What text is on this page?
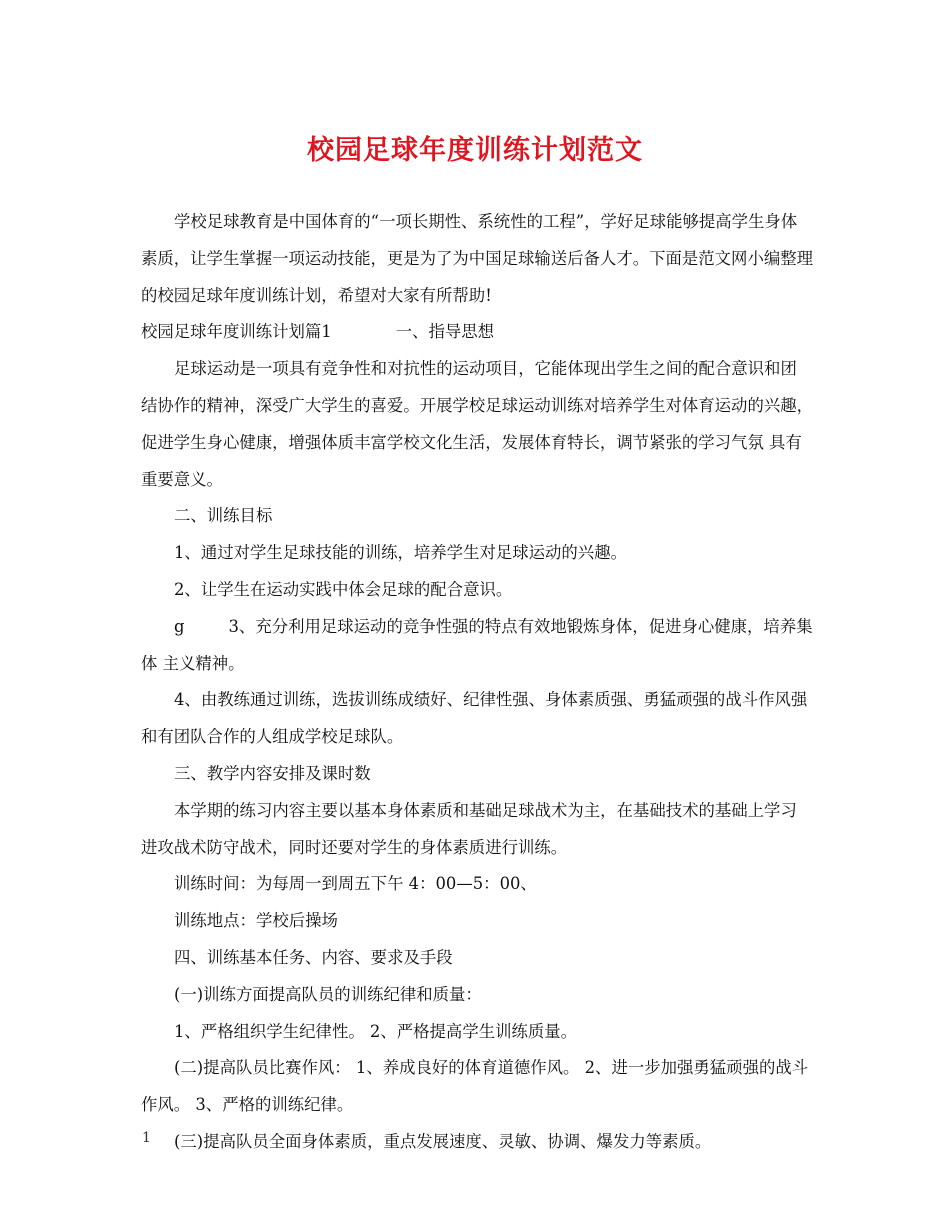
校园足球年度训练计划范文

学校足球教育是中国体育的“一项长期性、系统性的工程”，学好足球能够提高学生身体素质，让学生掌握一项运动技能，更是为了为中国足球输送后备人才。下面是范文网小编整理的校园足球年度训练计划，希望对大家有所帮助!

校园足球年度训练计划篇1	一、指导思想

足球运动是一项具有竞争性和对抗性的运动项目，它能体现出学生之间的配合意识和团结协作的精神，深受广大学生的喜爱。开展学校足球运动训练对培养学生对体育运动的兴趣，促进学生身心健康，增强体质丰富学校文化生活，发展体育特长，调节紧张的学习气氛 具有重要意义。

二、训练目标

1、通过对学生足球技能的训练，培养学生对足球运动的兴趣。

2、让学生在运动实践中体会足球的配合意识。

g	3、充分利用足球运动的竞争性强的特点有效地锻炼身体，促进身心健康，培养集体 主义精神。

4、由教练通过训练，选拔训练成绩好、纪律性强、身体素质强、勇猛顽强的战斗作风强和有团队合作的人组成学校足球队。

三、教学内容安排及课时数

本学期的练习内容主要以基本身体素质和基础足球战术为主，在基础技术的基础上学习进攻战术防守战术，同时还要对学生的身体素质进行训练。

训练时间：为每周一到周五下午 4：00—5：00、

训练地点：学校后操场

四、训练基本任务、内容、要求及手段

(一)训练方面提高队员的训练纪律和质量：

1、严格组织学生纪律性。 2、严格提高学生训练质量。

(二)提高队员比赛作风： 1、养成良好的体育道德作风。 2、进一步加强勇猛顽强的战斗作风。 3、严格的训练纪律。

(三)提高队员全面身体素质，重点发展速度、灵敏、协调、爆发力等素质。

1
